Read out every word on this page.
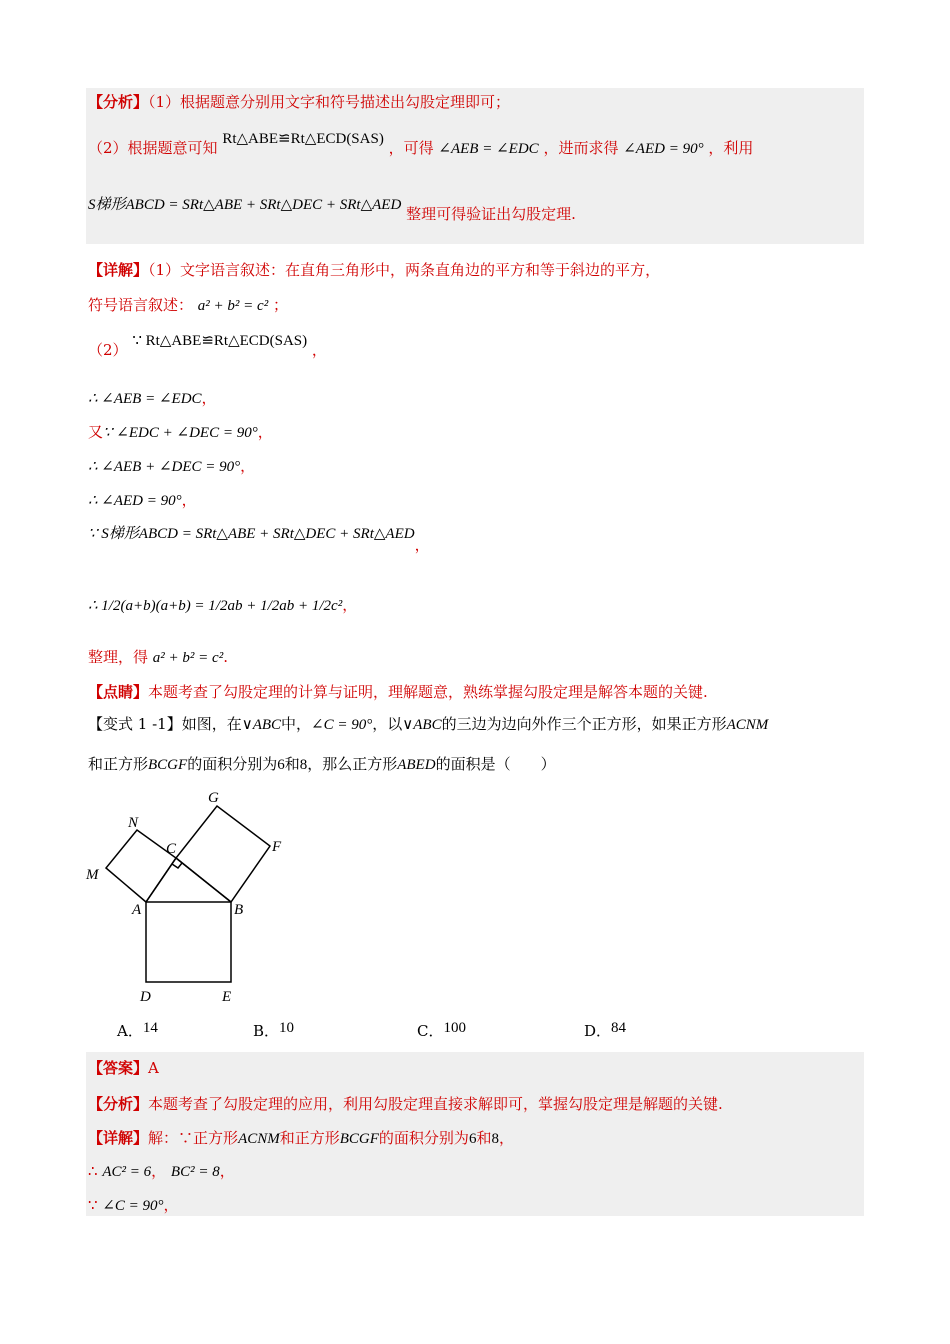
【分析】（1）根据题意分别用文字和符号描述出勾股定理即可；
（2）根据题意可知 Rt△ABE≌Rt△ECD(SAS) ，可得 ∠AEB = ∠EDC ，进而求得 ∠AED = 90° ，利用
S梯形ABCD = SRt△ABE + SRt△DEC + SRt△AED 整理可得验证出勾股定理.
【详解】（1）文字语言叙述：在直角三角形中，两条直角边的平方和等于斜边的平方，
符号语言叙述： a² + b² = c² ；
（2） ∵ Rt△ABE≌Rt△ECD(SAS) ，
∴ ∠AEB = ∠EDC，
又∵ ∠EDC + ∠DEC = 90°，
∴ ∠AEB + ∠DEC = 90°，
∴ ∠AED = 90°，
∵ S梯形ABCD = SRt△ABE + SRt△DEC + SRt△AED，
∴ 1/2(a+b)(a+b) = 1/2ab + 1/2ab + 1/2c²，
整理，得 a² + b² = c².
【点睛】本题考查了勾股定理的计算与证明，理解题意，熟练掌握勾股定理是解答本题的关键.
【变式 1 -1】如图，在∨ABC中，∠C = 90°，以∨ABC的三边为边向外作三个正方形，如果正方形ACNM
和正方形BCGF的面积分别为6和8，那么正方形ABED的面积是（　　）
G
N
C	F
M
A	B
D	E
A．14	B．10	C．100	D．84
【答案】A
【分析】本题考查了勾股定理的应用，利用勾股定理直接求解即可，掌握勾股定理是解题的关键.
【详解】解：∵正方形ACNM和正方形BCGF的面积分别为6和8，
∴ AC² = 6， BC² = 8，
∵ ∠C = 90°，
